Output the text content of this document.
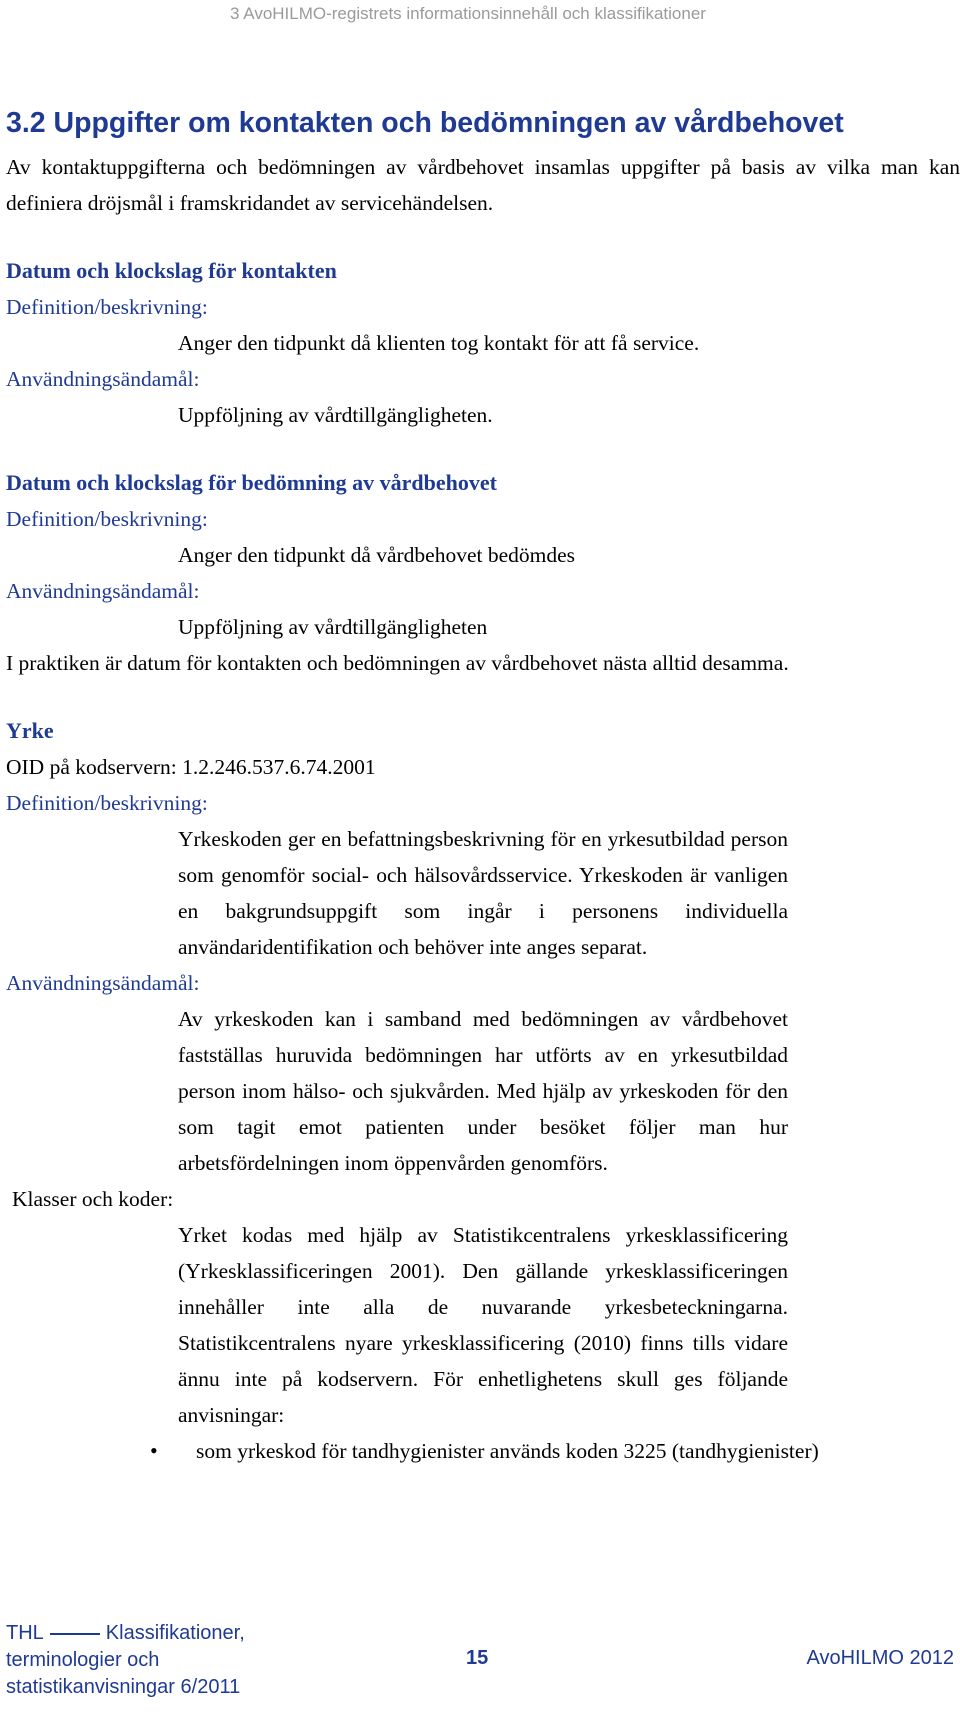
3 AvoHILMO-registrets informationsinnehåll och klassifikationer
3.2 Uppgifter om kontakten och bedömningen av vårdbehovet

Av kontaktuppgifterna och bedömningen av vårdbehovet insamlas uppgifter på basis av vilka man kan definiera dröjsmål i framskridandet av servicehändelsen.

Datum och klockslag för kontakten

Definition/beskrivning:

Anger den tidpunkt då klienten tog kontakt för att få service.

Användningsändamål:

Uppföljning av vårdtillgängligheten.

Datum och klockslag för bedömning av vårdbehovet

Definition/beskrivning:

Anger den tidpunkt då vårdbehovet bedömdes

Användningsändamål:

Uppföljning av vårdtillgängligheten

I praktiken är datum för kontakten och bedömningen av vårdbehovet nästa alltid desamma.

Yrke

OID på kodservern: 1.2.246.537.6.74.2001

Definition/beskrivning:

Yrkeskoden ger en befattningsbeskrivning för en yrkesutbildad person som genomför social- och hälsovårdsservice. Yrkeskoden är vanligen en bakgrundsuppgift som ingår i personens individuella användaridentifikation och behöver inte anges separat.

Användningsändamål:

Av yrkeskoden kan i samband med bedömningen av vårdbehovet fastställas huruvida bedömningen har utförts av en yrkesutbildad person inom hälso- och sjukvården. Med hjälp av yrkeskoden för den som tagit emot patienten under besöket följer man hur arbetsfördelningen inom öppenvården genomförs.

Klasser och koder:

Yrket kodas med hjälp av Statistikcentralens yrkesklassificering (Yrkesklassificeringen 2001). Den gällande yrkesklassificeringen innehåller inte alla de nuvarande yrkesbeteckningarna. Statistikcentralens nyare yrkesklassificering (2010) finns tills vidare ännu inte på kodservern. För enhetlighetens skull ges följande anvisningar:

• som yrkeskod för tandhygienister används koden 3225 (tandhygienister)
THL	Klassifikationer,
terminologier och
statistikanvisningar 6/2011
15	AvoHILMO 2012
